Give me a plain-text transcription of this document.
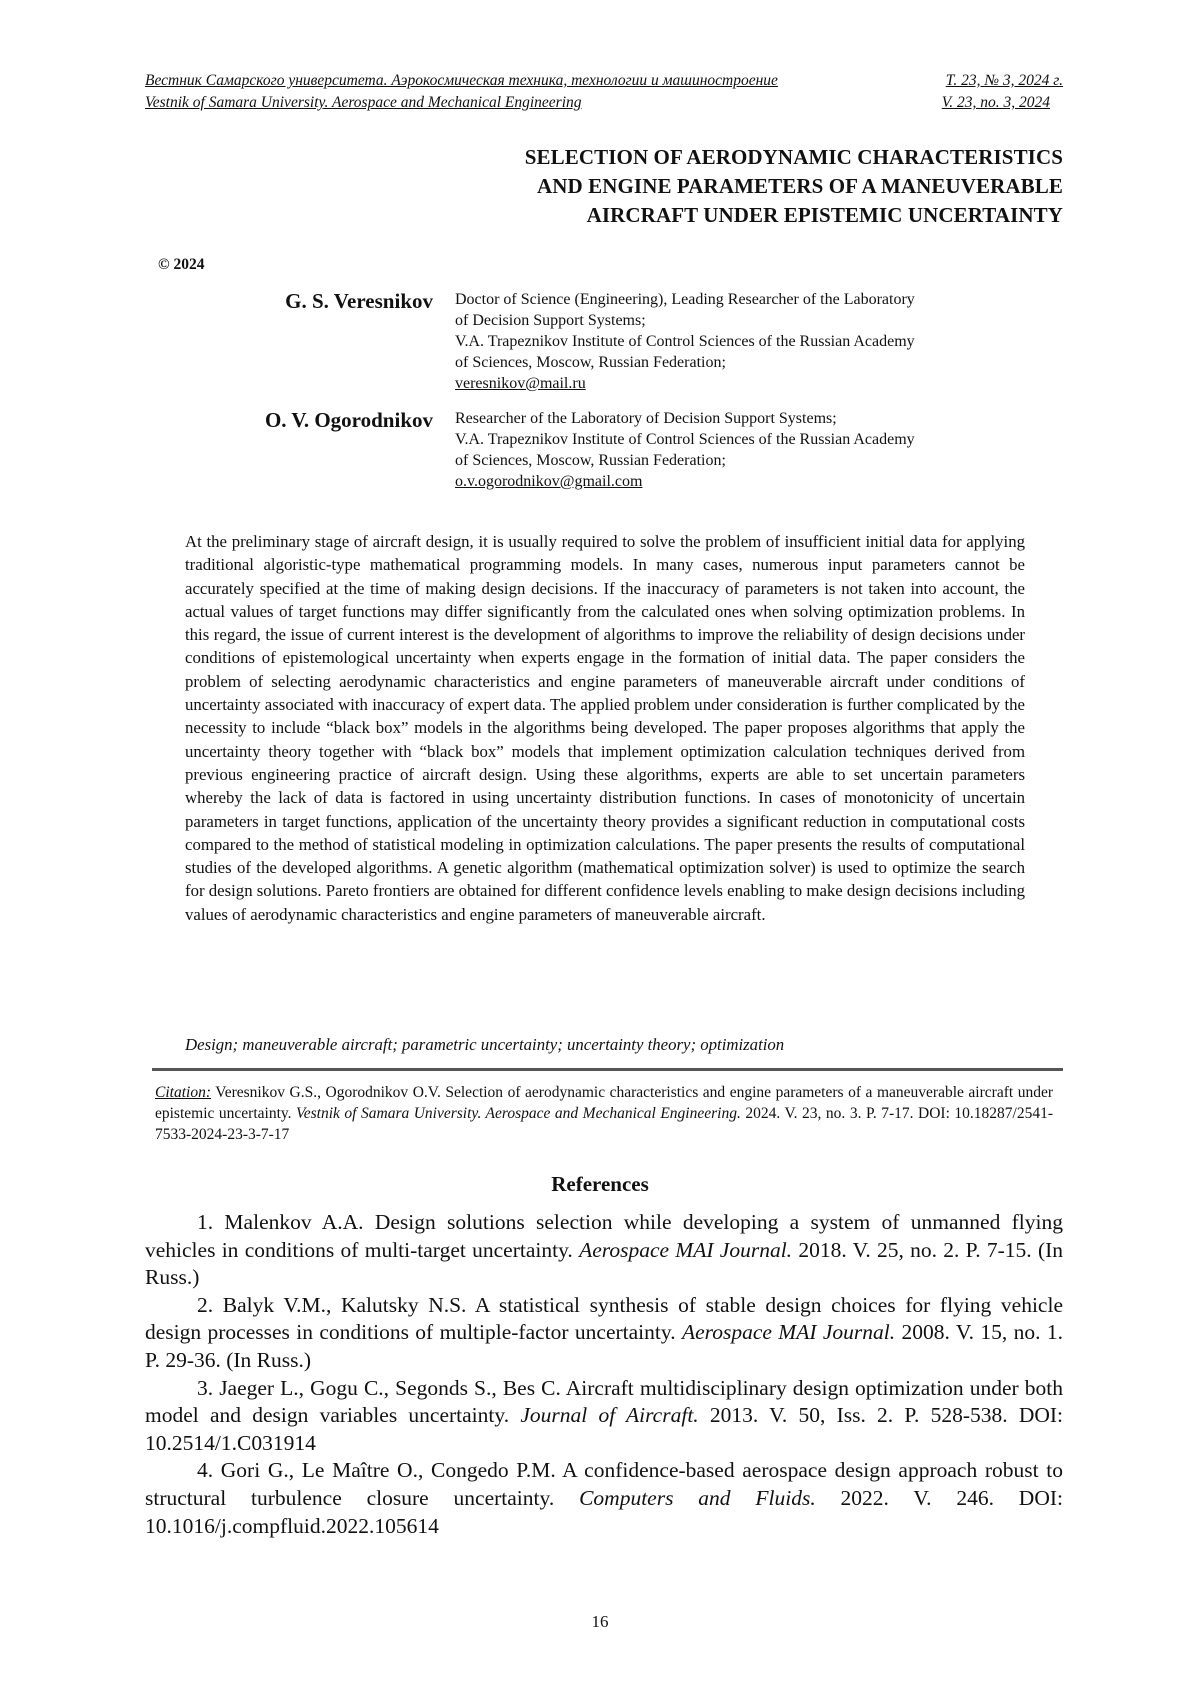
Вестник Самарского университета. Аэрокосмическая техника, технологии и машиностроение	Т. 23, № 3, 2024 г.
Vestnik of Samara University. Aerospace and Mechanical Engineering	V. 23, no. 3, 2024
SELECTION OF AERODYNAMIC CHARACTERISTICS
AND ENGINE PARAMETERS OF A MANEUVERABLE
AIRCRAFT UNDER EPISTEMIC UNCERTAINTY
© 2024
G. S. Veresnikov Doctor of Science (Engineering), Leading Researcher of the Laboratory
of Decision Support Systems;
V.A. Trapeznikov Institute of Control Sciences of the Russian Academy
of Sciences, Moscow, Russian Federation;
veresnikov@mail.ru
O. V. Ogorodnikov Researcher of the Laboratory of Decision Support Systems;
V.A. Trapeznikov Institute of Control Sciences of the Russian Academy
of Sciences, Moscow, Russian Federation;
o.v.ogorodnikov@gmail.com
At the preliminary stage of aircraft design, it is usually required to solve the problem of insufficient initial data for applying traditional algoristic-type mathematical programming models. In many cases, numerous input parameters cannot be accurately specified at the time of making design decisions. If the inaccuracy of parameters is not taken into account, the actual values of target functions may differ significantly from the calculated ones when solving optimization problems. In this regard, the issue of current interest is the development of algorithms to improve the reliability of design decisions under conditions of epistemological uncertainty when experts engage in the formation of initial data. The paper considers the problem of selecting aerodynamic characteristics and engine parameters of maneuverable aircraft under conditions of uncertainty associated with inaccuracy of expert data. The applied problem under consideration is further complicated by the necessity to include “black box” models in the algorithms being developed. The paper proposes algorithms that apply the uncertainty theory together with “black box” models that implement optimization calculation techniques derived from previous engineering practice of aircraft design. Using these algorithms, experts are able to set uncertain parameters whereby the lack of data is factored in using uncertainty distribution functions. In cases of monotonicity of uncertain parameters in target functions, application of the uncertainty theory provides a significant reduction in computational costs compared to the method of statistical modeling in optimization calculations. The paper presents the results of computational studies of the developed algorithms. A genetic algorithm (mathematical optimization solver) is used to optimize the search for design solutions. Pareto frontiers are obtained for different confidence levels enabling to make design decisions including values of aerodynamic characteristics and engine parameters of maneuverable aircraft.
Design; maneuverable aircraft; parametric uncertainty; uncertainty theory; optimization
Citation: Veresnikov G.S., Ogorodnikov O.V. Selection of aerodynamic characteristics and engine parameters of a maneuverable aircraft under epistemic uncertainty. Vestnik of Samara University. Aerospace and Mechanical Engineering. 2024. V. 23, no. 3. P. 7-17. DOI: 10.18287/2541-7533-2024-23-3-7-17
References

1. Malenkov A.A. Design solutions selection while developing a system of unmanned flying vehicles in conditions of multi-target uncertainty. Aerospace MAI Journal. 2018. V. 25, no. 2. P. 7-15. (In Russ.)

2. Balyk V.M., Kalutsky N.S. A statistical synthesis of stable design choices for flying vehicle design processes in conditions of multiple-factor uncertainty. Aerospace MAI Journal. 2008. V. 15, no. 1. P. 29-36. (In Russ.)

3. Jaeger L., Gogu C., Segonds S., Bes C. Aircraft multidisciplinary design optimization under both model and design variables uncertainty. Journal of Aircraft. 2013. V. 50, Iss. 2. P. 528-538. DOI: 10.2514/1.C031914

4. Gori G., Le Maître O., Congedo P.M. A confidence-based aerospace design approach robust to structural turbulence closure uncertainty. Computers and Fluids. 2022. V. 246. DOI: 10.1016/j.compfluid.2022.105614

16
